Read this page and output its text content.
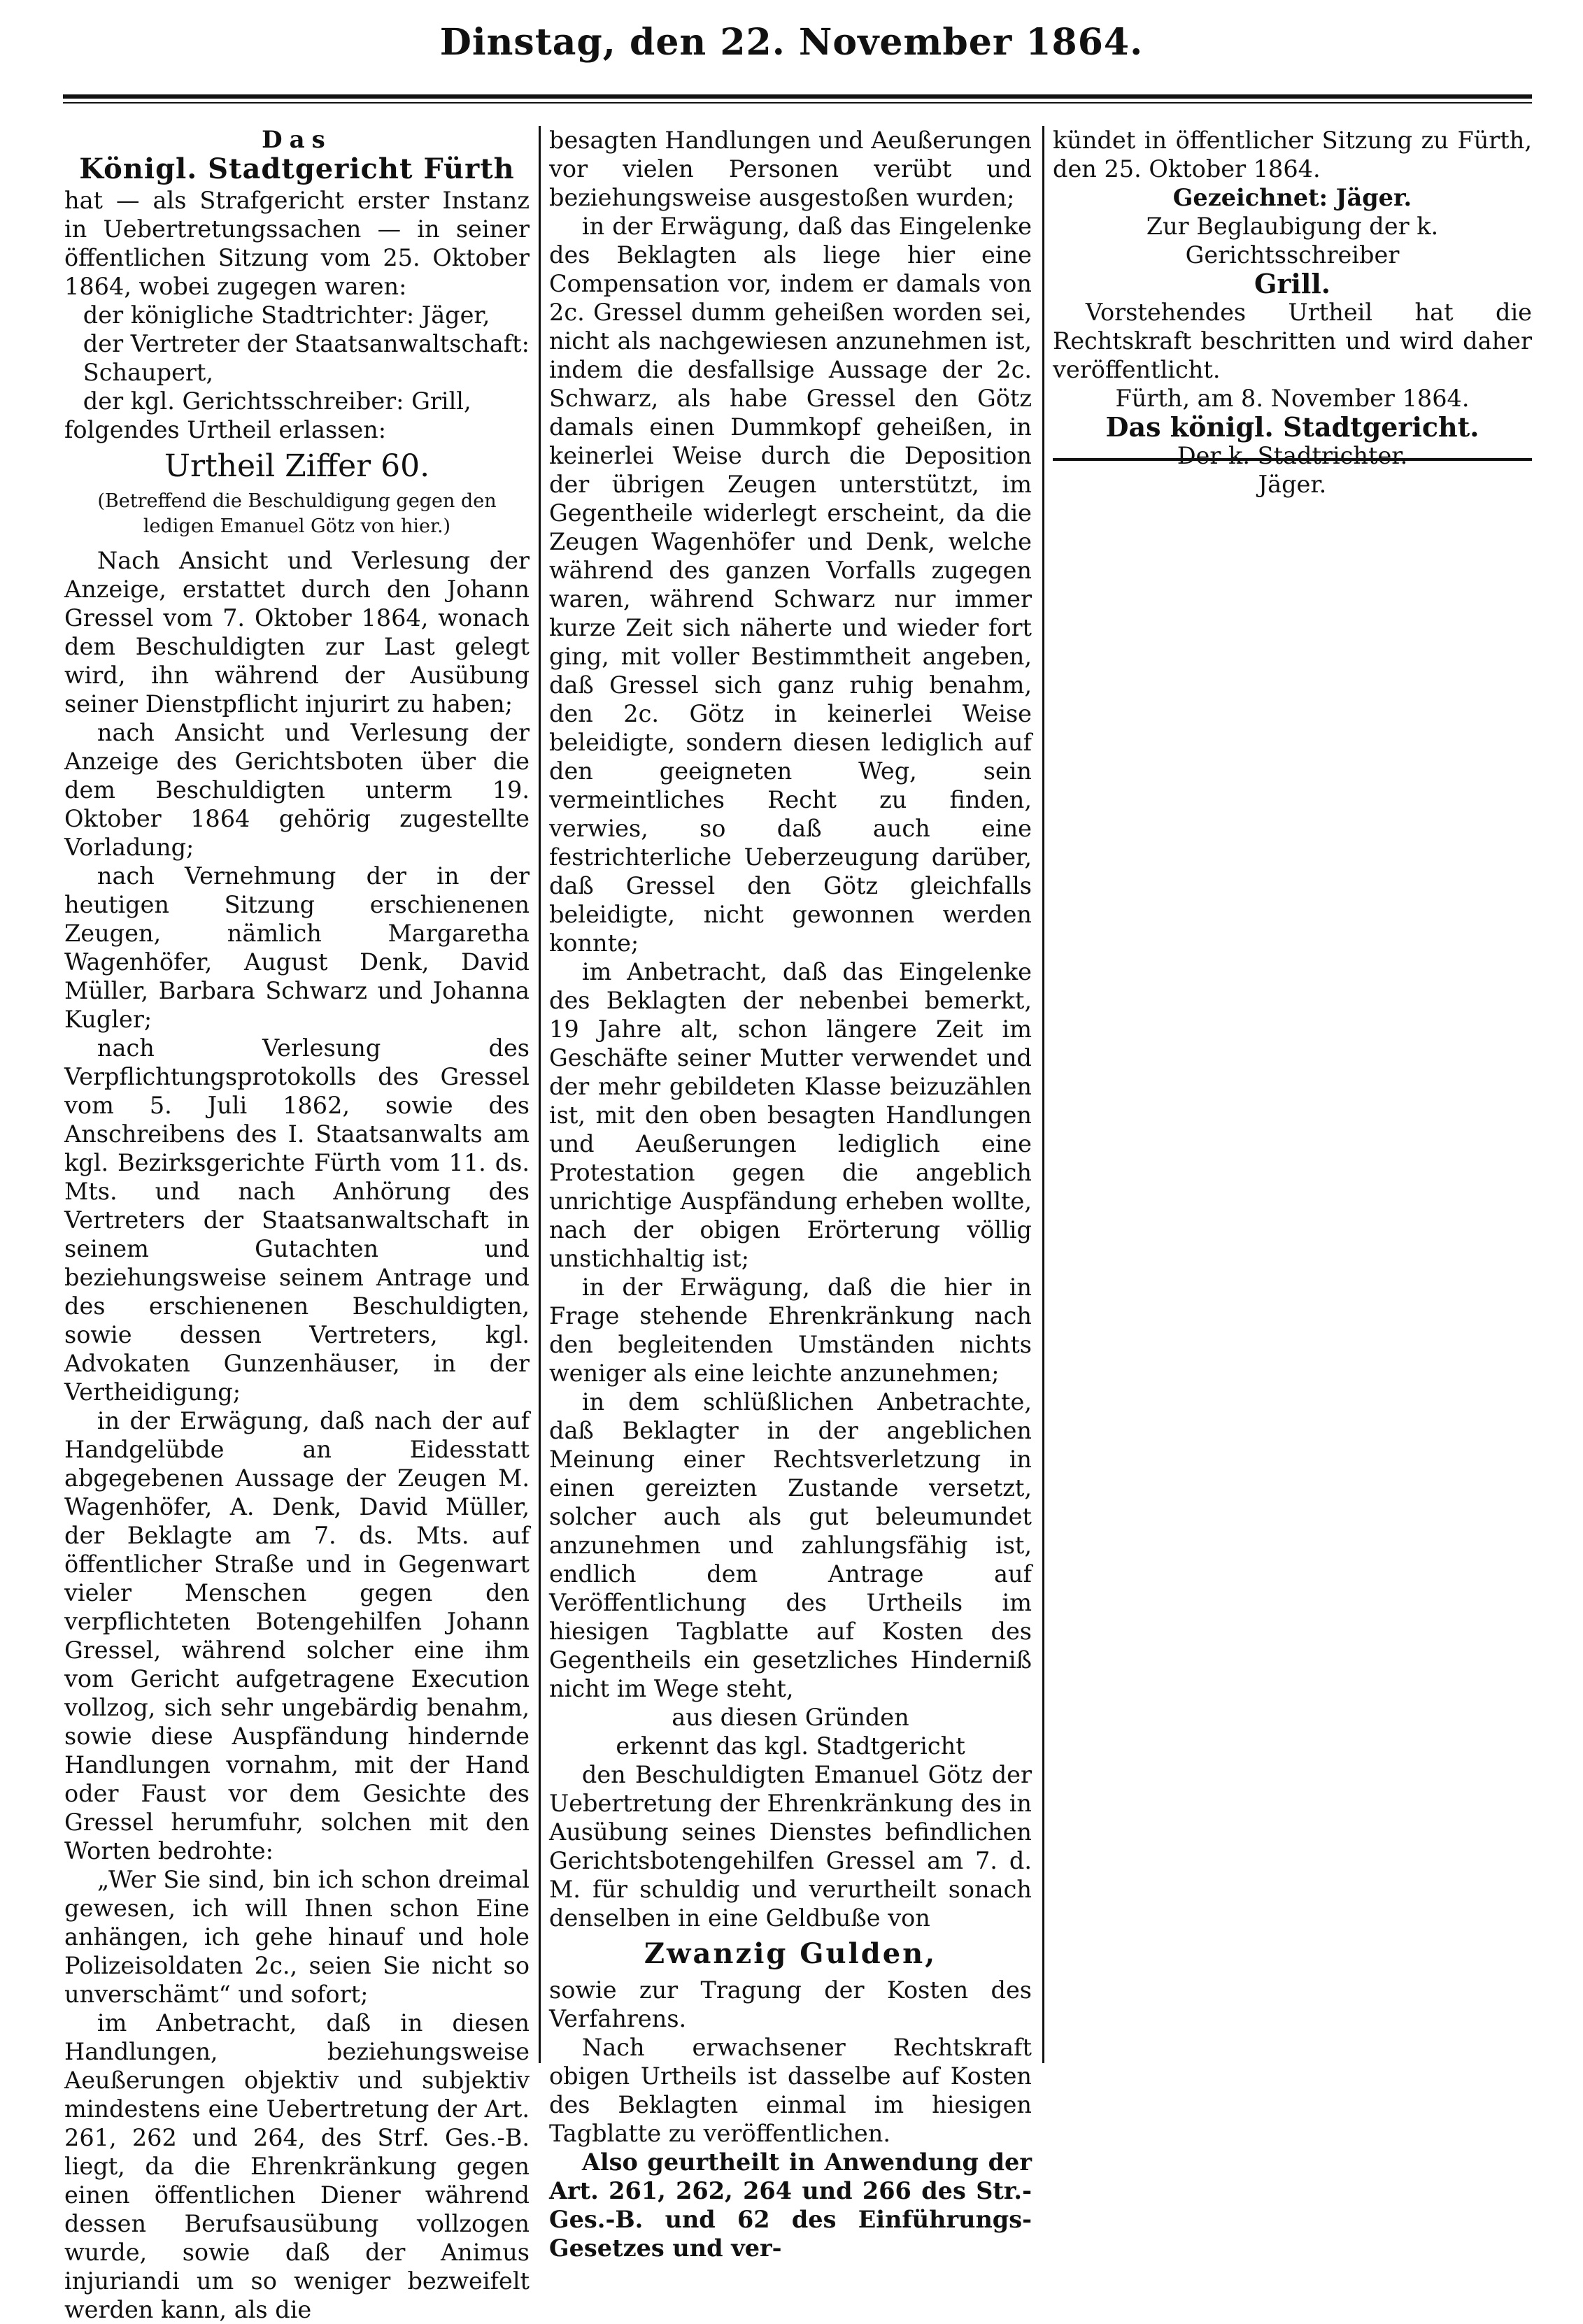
Dinstag, den 22. November 1864.

Das

Königl. Stadtgericht Fürth

hat — als Strafgericht erster Instanz in Uebertretungssachen — in seiner öffentlichen Sitzung vom 25. Oktober 1864, wobei zugegen waren:

der königliche Stadtrichter: Jäger,

der Vertreter der Staatsanwaltschaft: Schaupert,

der kgl. Gerichtsschreiber: Grill,

folgendes Urtheil erlassen:

Urtheil Ziffer 60.

(Betreffend die Beschuldigung gegen den ledigen Emanuel Götz von hier.)

Nach Ansicht und Verlesung der Anzeige, erstattet durch den Johann Gressel vom 7. Oktober 1864, wonach dem Beschuldigten zur Last gelegt wird, ihn während der Ausübung seiner Dienstpflicht injurirt zu haben;

nach Ansicht und Verlesung der Anzeige des Gerichtsboten über die dem Beschuldigten unterm 19. Oktober 1864 gehörig zugestellte Vorladung;

nach Vernehmung der in der heutigen Sitzung erschienenen Zeugen, nämlich Margaretha Wagenhöfer, August Denk, David Müller, Barbara Schwarz und Johanna Kugler;

nach Verlesung des Verpflichtungsprotokolls des Gressel vom 5. Juli 1862, sowie des Anschreibens des I. Staatsanwalts am kgl. Bezirksgerichte Fürth vom 11. ds. Mts. und nach Anhörung des Vertreters der Staatsanwaltschaft in seinem Gutachten und beziehungsweise seinem Antrage und des erschienenen Beschuldigten, sowie dessen Vertreters, kgl. Advokaten Gunzenhäuser, in der Vertheidigung;

in der Erwägung, daß nach der auf Handgelübde an Eidesstatt abgegebenen Aussage der Zeugen M. Wagenhöfer, A. Denk, David Müller, der Beklagte am 7. ds. Mts. auf öffentlicher Straße und in Gegenwart vieler Menschen gegen den verpflichteten Botengehilfen Johann Gressel, während solcher eine ihm vom Gericht aufgetragene Execution vollzog, sich sehr ungebärdig benahm, sowie diese Auspfändung hindernde Handlungen vornahm, mit der Hand oder Faust vor dem Gesichte des Gressel herumfuhr, solchen mit den Worten bedrohte:

„Wer Sie sind, bin ich schon dreimal gewesen, ich will Ihnen schon Eine anhängen, ich gehe hinauf und hole Polizeisoldaten 2c., seien Sie nicht so unverschämt“ und sofort;

im Anbetracht, daß in diesen Handlungen, beziehungsweise Aeußerungen objektiv und subjektiv mindestens eine Uebertretung der Art. 261, 262 und 264, des Strf. Ges.-B. liegt, da die Ehrenkränkung gegen einen öffentlichen Diener während dessen Berufsausübung vollzogen wurde, sowie daß der Animus injuriandi um so weniger bezweifelt werden kann, als die

besagten Handlungen und Aeußerungen vor vielen Personen verübt und beziehungsweise ausgestoßen wurden;

in der Erwägung, daß das Eingelenke des Beklagten als liege hier eine Compensation vor, indem er damals von 2c. Gressel dumm geheißen worden sei, nicht als nachgewiesen anzunehmen ist, indem die desfallsige Aussage der 2c. Schwarz, als habe Gressel den Götz damals einen Dummkopf geheißen, in keinerlei Weise durch die Deposition der übrigen Zeugen unterstützt, im Gegentheile widerlegt erscheint, da die Zeugen Wagenhöfer und Denk, welche während des ganzen Vorfalls zugegen waren, während Schwarz nur immer kurze Zeit sich näherte und wieder fort ging, mit voller Bestimmtheit angeben, daß Gressel sich ganz ruhig benahm, den 2c. Götz in keinerlei Weise beleidigte, sondern diesen lediglich auf den geeigneten Weg, sein vermeintliches Recht zu finden, verwies, so daß auch eine festrichterliche Ueberzeugung darüber, daß Gressel den Götz gleichfalls beleidigte, nicht gewonnen werden konnte;

im Anbetracht, daß das Eingelenke des Beklagten der nebenbei bemerkt, 19 Jahre alt, schon längere Zeit im Geschäfte seiner Mutter verwendet und der mehr gebildeten Klasse beizuzählen ist, mit den oben besagten Handlungen und Aeußerungen lediglich eine Protestation gegen die angeblich unrichtige Auspfändung erheben wollte, nach der obigen Erörterung völlig unstichhaltig ist;

in der Erwägung, daß die hier in Frage stehende Ehrenkränkung nach den begleitenden Umständen nichts weniger als eine leichte anzunehmen;

in dem schlüßlichen Anbetrachte, daß Beklagter in der angeblichen Meinung einer Rechtsverletzung in einen gereizten Zustande versetzt, solcher auch als gut beleumundet anzunehmen und zahlungsfähig ist, endlich dem Antrage auf Veröffentlichung des Urtheils im hiesigen Tagblatte auf Kosten des Gegentheils ein gesetzliches Hinderniß nicht im Wege steht,

aus diesen Gründen

erkennt das kgl. Stadtgericht

den Beschuldigten Emanuel Götz der Uebertretung der Ehrenkränkung des in Ausübung seines Dienstes befindlichen Gerichtsbotengehilfen Gressel am 7. d. M. für schuldig und verurtheilt sonach denselben in eine Geldbuße von

Zwanzig Gulden,

sowie zur Tragung der Kosten des Verfahrens.

Nach erwachsener Rechtskraft obigen Urtheils ist dasselbe auf Kosten des Beklagten einmal im hiesigen Tagblatte zu veröffentlichen.

Also geurtheilt in Anwendung der Art. 261, 262, 264 und 266 des Str.-Ges.-B. und 62 des Einführungs-Gesetzes und ver-

kündet in öffentlicher Sitzung zu Fürth, den 25. Oktober 1864.

Gezeichnet: Jäger.

Zur Beglaubigung der k. Gerichtsschreiber

Grill.

Vorstehendes Urtheil hat die Rechtskraft beschritten und wird daher veröffentlicht.

Fürth, am 8. November 1864.

Das königl. Stadtgericht.

Der k. Stadtrichter.

Jäger.
